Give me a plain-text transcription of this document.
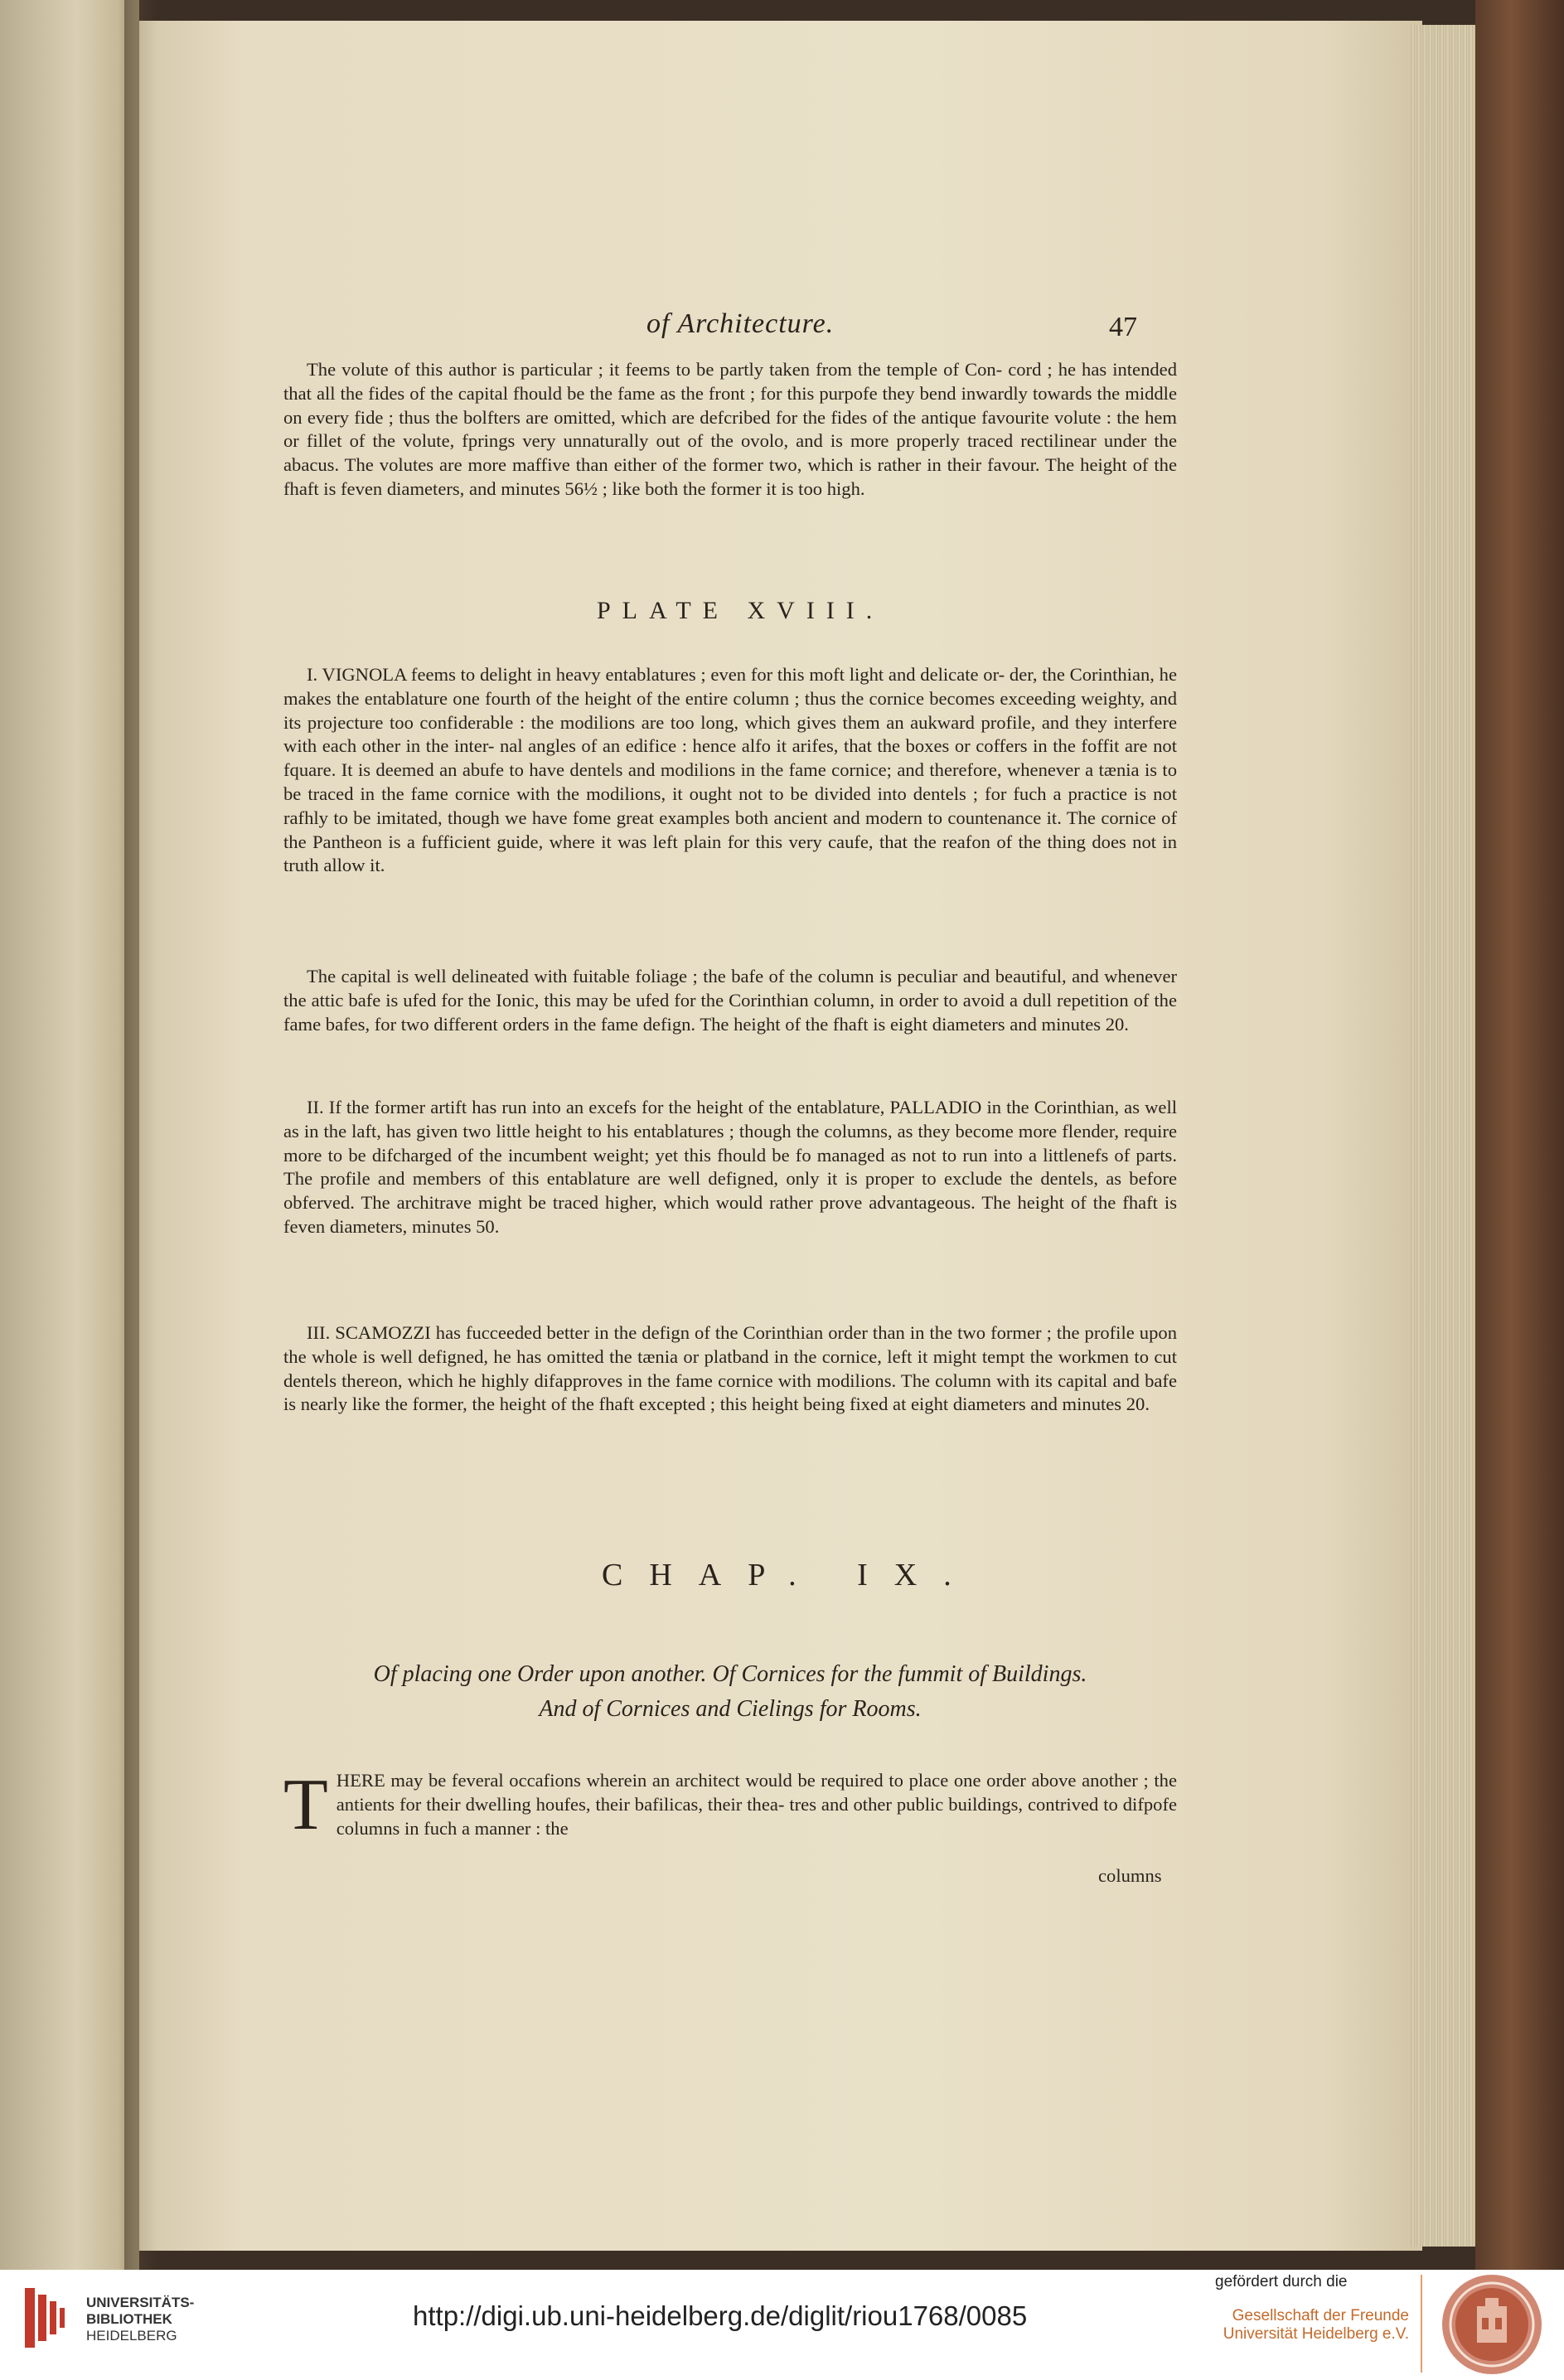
of Architecture.	47

The volute of this author is particular ; it feems to be partly taken from the temple of Con- cord ; he has intended that all the fides of the capital fhould be the fame as the front ; for this purpofe they bend inwardly towards the middle on every fide ; thus the bolfters are omitted, which are defcribed for the fides of the antique favourite volute : the hem or fillet of the volute, fprings very unnaturally out of the ovolo, and is more properly traced rectilinear under the abacus. The volutes are more maffive than either of the former two, which is rather in their favour. The height of the fhaft is feven diameters, and minutes 56½ ; like both the former it is too high.

PLATE XVIII.

I. VIGNOLA feems to delight in heavy entablatures ; even for this moft light and delicate or- der, the Corinthian, he makes the entablature one fourth of the height of the entire column ; thus the cornice becomes exceeding weighty, and its projecture too confiderable : the modilions are too long, which gives them an aukward profile, and they interfere with each other in the inter- nal angles of an edifice : hence alfo it arifes, that the boxes or coffers in the foffit are not fquare. It is deemed an abufe to have dentels and modilions in the fame cornice; and therefore, whenever a tænia is to be traced in the fame cornice with the modilions, it ought not to be divided into dentels ; for fuch a practice is not rafhly to be imitated, though we have fome great examples both ancient and modern to countenance it. The cornice of the Pantheon is a fufficient guide, where it was left plain for this very caufe, that the reafon of the thing does not in truth allow it.

The capital is well delineated with fuitable foliage ; the bafe of the column is peculiar and beautiful, and whenever the attic bafe is ufed for the Ionic, this may be ufed for the Corinthian column, in order to avoid a dull repetition of the fame bafes, for two different orders in the fame defign. The height of the fhaft is eight diameters and minutes 20.

II. If the former artift has run into an excefs for the height of the entablature, PALLADIO in the Corinthian, as well as in the laft, has given two little height to his entablatures ; though the columns, as they become more flender, require more to be difcharged of the incumbent weight; yet this fhould be fo managed as not to run into a littlenefs of parts. The profile and members of this entablature are well defigned, only it is proper to exclude the dentels, as before obferved. The architrave might be traced higher, which would rather prove advantageous. The height of the fhaft is feven diameters, minutes 50.

III. SCAMOZZI has fucceeded better in the defign of the Corinthian order than in the two former ; the profile upon the whole is well defigned, he has omitted the tænia or platband in the cornice, left it might tempt the workmen to cut dentels thereon, which he highly difapproves in the fame cornice with modilions. The column with its capital and bafe is nearly like the former, the height of the fhaft excepted ; this height being fixed at eight diameters and minutes 20.

CHAP. IX.
Of placing one Order upon another. Of Cornices for the fummit of Buildings.
And of Cornices and Cielings for Rooms.
T HERE may be feveral occafions wherein an architect would be required to place one order above another ; the antients for their dwelling houfes, their bafilicas, their thea- tres and other public buildings, contrived to difpofe columns in fuch a manner : the

columns
UNIVERSITÄTS-
BIBLIOTHEK
HEIDELBERG
http://digi.ub.uni-heidelberg.de/diglit/riou1768/0085
gefördert durch die
Gesellschaft der Freunde
Universität Heidelberg e.V.
